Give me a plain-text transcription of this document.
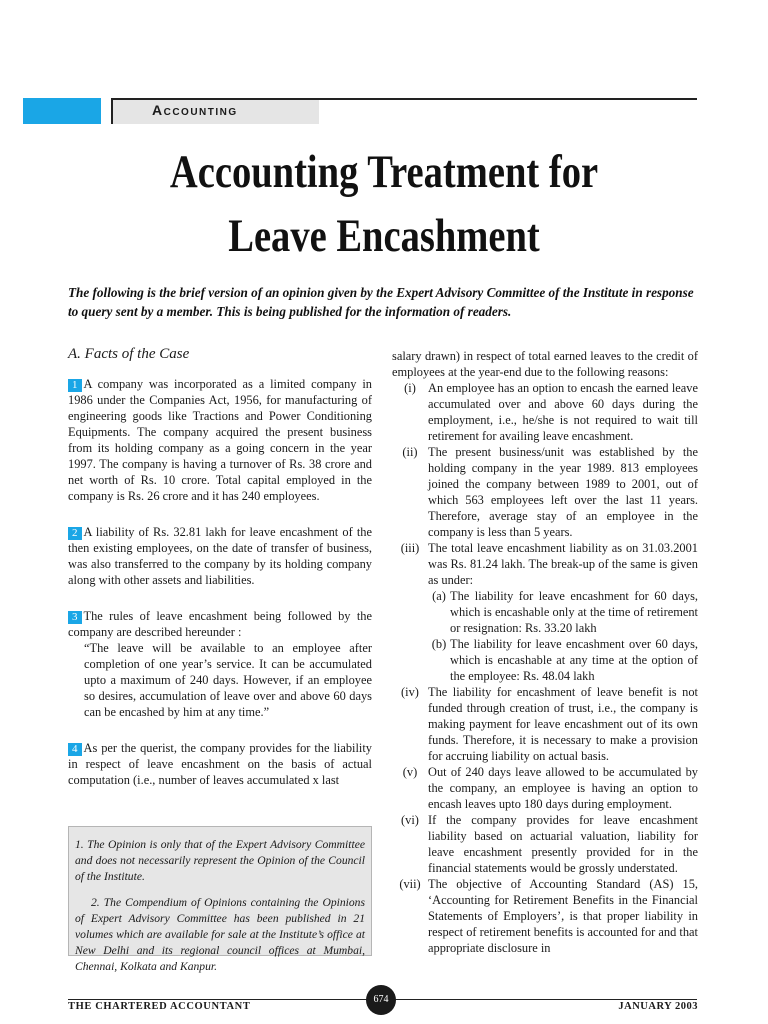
Accounting
Accounting Treatment for Leave Encashment
The following is the brief version of an opinion given by the Expert Advisory Committee of the Institute in response to query sent by a member. This is being published for the information of readers.
A. Facts of the Case

1 A company was incorporated as a limited company in 1986 under the Companies Act, 1956, for manufacturing of engineering goods like Tractions and Power Conditioning Equipments. The company acquired the present business from its holding company as a going concern in the year 1997. The company is having a turnover of Rs. 38 crore and net worth of Rs. 10 crore. Total capital employed in the company is Rs. 26 crore and it has 240 employees.

2 A liability of Rs. 32.81 lakh for leave encashment of the then existing employees, on the date of transfer of business, was also transferred to the company by its holding company along with other assets and liabilities.

3 The rules of leave encashment being followed by the company are described hereunder :

“The leave will be available to an employee after completion of one year’s service. It can be accumulated upto a maximum of 240 days. However, if an employee so desires, accumulation of leave over and above 60 days can be encashed by him at any time.”

4 As per the querist, the company provides for the liability in respect of leave encashment on the basis of actual computation (i.e., number of leaves accumulated x last

1. The Opinion is only that of the Expert Advisory Committee and does not necessarily represent the Opinion of the Council of the Institute.

2. The Compendium of Opinions containing the Opinions of Expert Advisory Committee has been published in 21 volumes which are available for sale at the Institute’s office at New Delhi and its regional council offices at Mumbai, Chennai, Kolkata and Kanpur.

salary drawn) in respect of total earned leaves to the credit of employees at the year-end due to the following reasons:
(i) An employee has an option to encash the earned leave accumulated over and above 60 days during the employment, i.e., he/she is not required to wait till retirement for availing leave encashment.
(ii) The present business/unit was established by the holding company in the year 1989. 813 employees joined the company between 1989 to 2001, out of which 563 employees left over the last 11 years. Therefore, average stay of an employee in the company is less than 5 years.
(iii) The total leave encashment liability as on 31.03.2001 was Rs. 81.24 lakh. The break-up of the same is given as under:
(a) The liability for leave encashment for 60 days, which is encashable only at the time of retirement or resignation: Rs. 33.20 lakh
(b) The liability for leave encashment over 60 days, which is encashable at any time at the option of the employee: Rs. 48.04 lakh
(iv) The liability for encashment of leave benefit is not funded through creation of trust, i.e., the company is making payment for leave encashment out of its own funds. Therefore, it is necessary to make a provision for accruing liability on actual basis.
(v) Out of 240 days leave allowed to be accumulated by the company, an employee is having an option to encash leaves upto 180 days during employment.
(vi) If the company provides for leave encashment liability based on actuarial valuation, liability for leave encashment presently provided for in the financial statements would be grossly understated.
(vii) The objective of Accounting Standard (AS) 15, ‘Accounting for Retirement Benefits in the Financial Statements of Employers’, is that proper liability in respect of retirement benefits is accounted for and that appropriate disclosure in
THE CHARTERED ACCOUNTANT
674
JANUARY 2003
